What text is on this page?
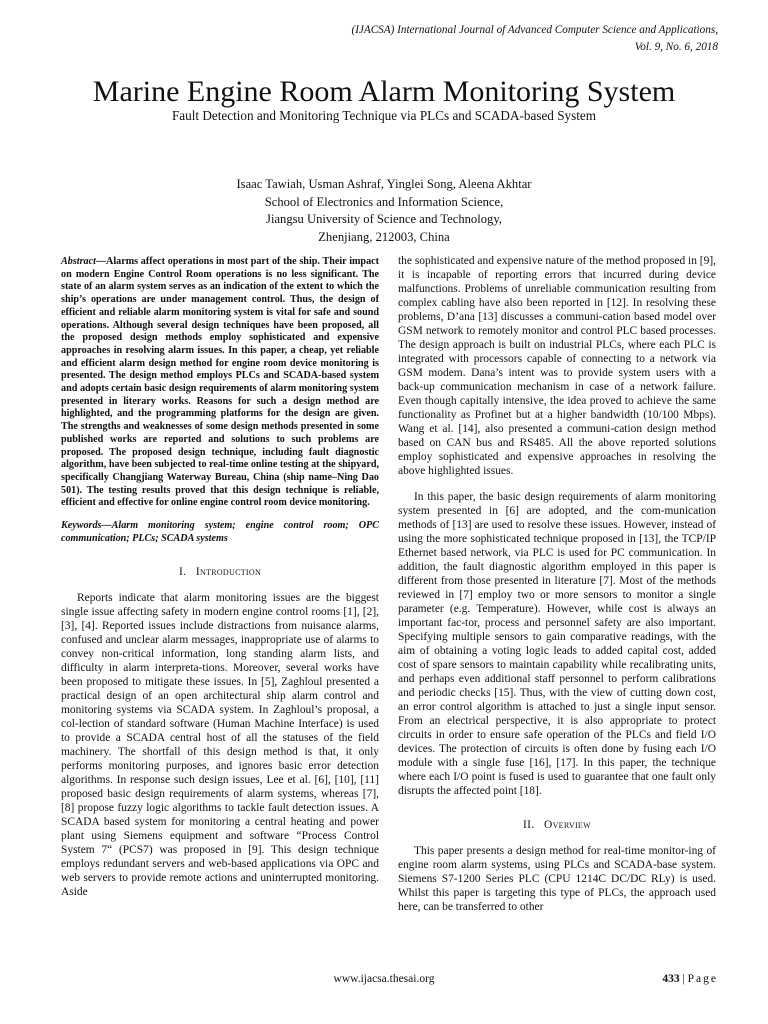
(IJACSA) International Journal of Advanced Computer Science and Applications,
Vol. 9, No. 6, 2018
Marine Engine Room Alarm Monitoring System
Fault Detection and Monitoring Technique via PLCs and SCADA-based System
Isaac Tawiah, Usman Ashraf, Yinglei Song, Aleena Akhtar
School of Electronics and Information Science,
Jiangsu University of Science and Technology,
Zhenjiang, 212003, China

Abstract—Alarms affect operations in most part of the ship. Their impact on modern Engine Control Room operations is no less significant. The state of an alarm system serves as an indication of the extent to which the ship’s operations are under management control. Thus, the design of efficient and reliable alarm monitoring system is vital for safe and sound operations. Although several design techniques have been proposed, all the proposed design methods employ sophisticated and expensive approaches in resolving alarm issues. In this paper, a cheap, yet reliable and efficient alarm design method for engine room device monitoring is presented. The design method employs PLCs and SCADA-based system and adopts certain basic design requirements of alarm monitoring system presented in literary works. Reasons for such a design method are highlighted, and the programming platforms for the design are given. The strengths and weaknesses of some design methods presented in some published works are reported and solutions to such problems are proposed. The proposed design technique, including fault diagnostic algorithm, have been subjected to real-time online testing at the shipyard, specifically Changjiang Waterway Bureau, China (ship name–Ning Dao 501). The testing results proved that this design technique is reliable, efficient and effective for online engine control room device monitoring.

Keywords—Alarm monitoring system; engine control room; OPC communication; PLCs; SCADA systems

I. Introduction

Reports indicate that alarm monitoring issues are the biggest single issue affecting safety in modern engine control rooms [1], [2], [3], [4]. Reported issues include distractions from nuisance alarms, confused and unclear alarm messages, inappropriate use of alarms to convey non-critical information, long standing alarm lists, and difficulty in alarm interpreta-tions. Moreover, several works have been proposed to mitigate these issues. In [5], Zaghloul presented a practical design of an open architectural ship alarm control and monitoring systems via SCADA system. In Zaghloul’s proposal, a col-lection of standard software (Human Machine Interface) is used to provide a SCADA central host of all the statuses of the field machinery. The shortfall of this design method is that, it only performs monitoring purposes, and ignores basic error detection algorithms. In response such design issues, Lee et al. [6], [10], [11] proposed basic design requirements of alarm systems, whereas [7], [8] propose fuzzy logic algorithms to tackle fault detection issues. A SCADA based system for monitoring a central heating and power plant using Siemens equipment and software “Process Control System 7“ (PCS7) was proposed in [9]. This design technique employs redundant servers and web-based applications via OPC and web servers to provide remote actions and uninterrupted monitoring. Aside

the sophisticated and expensive nature of the method proposed in [9], it is incapable of reporting errors that incurred during device malfunctions. Problems of unreliable communication resulting from complex cabling have also been reported in [12]. In resolving these problems, D’ana [13] discusses a communi-cation based model over GSM network to remotely monitor and control PLC based processes. The design approach is built on industrial PLCs, where each PLC is integrated with processors capable of connecting to a network via GSM modem. Dana’s intent was to provide system users with a back-up communication mechanism in case of a network failure. Even though capitally intensive, the idea proved to achieve the same functionality as Profinet but at a higher bandwidth (10/100 Mbps). Wang et al. [14], also presented a communi-cation design method based on CAN bus and RS485. All the above reported solutions employ sophisticated and expensive approaches in resolving the above highlighted issues.

In this paper, the basic design requirements of alarm monitoring system presented in [6] are adopted, and the com-munication methods of [13] are used to resolve these issues. However, instead of using the more sophisticated technique proposed in [13], the TCP/IP Ethernet based network, via PLC is used for PC communication. In addition, the fault diagnostic algorithm employed in this paper is different from those presented in literature [7]. Most of the methods reviewed in [7] employ two or more sensors to monitor a single parameter (e.g. Temperature). However, while cost is always an important fac-tor, process and personnel safety are also important. Specifying multiple sensors to gain comparative readings, with the aim of obtaining a voting logic leads to added capital cost, added cost of spare sensors to maintain capability while recalibrating units, and perhaps even additional staff personnel to perform calibrations and periodic checks [15]. Thus, with the view of cutting down cost, an error control algorithm is attached to just a single input sensor. From an electrical perspective, it is also appropriate to protect circuits in order to ensure safe operation of the PLCs and field I/O devices. The protection of circuits is often done by fusing each I/O module with a single fuse [16], [17]. In this paper, the technique where each I/O point is fused is used to guarantee that one fault only disrupts the affected point [18].

II. Overview

This paper presents a design method for real-time monitor-ing of engine room alarm systems, using PLCs and SCADA-base system. Siemens S7-1200 Series PLC (CPU 1214C DC/DC RLy) is used. Whilst this paper is targeting this type of PLCs, the approach used here, can be transferred to other

www.ijacsa.thesai.org	433 | Page
